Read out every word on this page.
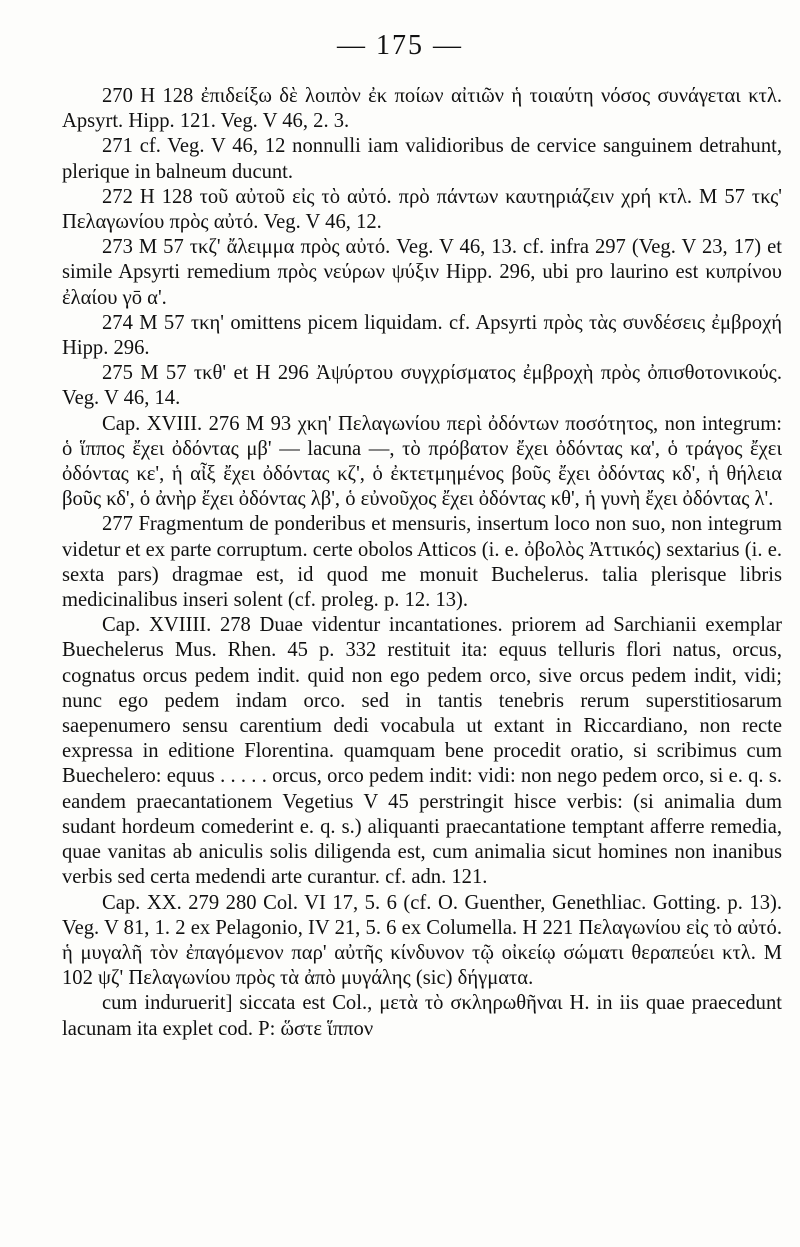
— 175 —

270 H 128 ἐπιδείξω δὲ λοιπὸν ἐκ ποίων αἰτιῶν ἡ τοιαύτη νόσος συνάγεται κτλ. Apsyrt. Hipp. 121. Veg. V 46, 2. 3.

271 cf. Veg. V 46, 12 nonnulli iam validioribus de cervice sanguinem detrahunt, plerique in balneum ducunt.

272 H 128 τοῦ αὐτοῦ εἰς τὸ αὐτό. πρὸ πάντων καυτηριάζειν χρή κτλ. M 57 τκς' Πελαγωνίου πρὸς αὐτό. Veg. V 46, 12.

273 M 57 τκζ' ἄλειμμα πρὸς αὐτό. Veg. V 46, 13. cf. infra 297 (Veg. V 23, 17) et simile Apsyrti remedium πρὸς νεύρων ψύξιν Hipp. 296, ubi pro laurino est κυπρίνου ἐλαίου γō α'.

274 M 57 τκη' omittens picem liquidam. cf. Apsyrti πρὸς τὰς συνδέσεις ἐμβροχή Hipp. 296.

275 M 57 τκθ' et H 296 Ἀψύρτου συγχρίσματος ἐμβροχὴ πρὸς ὀπισθοτονικούς. Veg. V 46, 14.

Cap. XVIII. 276 M 93 χκη' Πελαγωνίου περὶ ὀδόντων ποσότητος, non integrum: ὁ ἵππος ἔχει ὀδόντας μβ' — lacuna —, τὸ πρόβατον ἔχει ὀδόντας κα', ὁ τράγος ἔχει ὀδόντας κε', ἡ αἶξ ἔχει ὀδόντας κζ', ὁ ἐκτετμημένος βοῦς ἔχει ὀδόντας κδ', ἡ θήλεια βοῦς κδ', ὁ ἀνὴρ ἔχει ὀδόντας λβ', ὁ εὐνοῦχος ἔχει ὀδόντας κθ', ἡ γυνὴ ἔχει ὀδόντας λ'.

277 Fragmentum de ponderibus et mensuris, insertum loco non suo, non integrum videtur et ex parte corruptum. certe obolos Atticos (i. e. ὀβολὸς Ἀττικός) sextarius (i. e. sexta pars) dragmae est, id quod me monuit Buchelerus. talia plerisque libris medicinalibus inseri solent (cf. proleg. p. 12. 13).

Cap. XVIIII. 278 Duae videntur incantationes. priorem ad Sarchianii exemplar Buechelerus Mus. Rhen. 45 p. 332 restituit ita: equus telluris flori natus, orcus, cognatus orcus pedem indit. quid non ego pedem orco, sive orcus pedem indit, vidi; nunc ego pedem indam orco. sed in tantis tenebris rerum superstitiosarum saepenumero sensu carentium dedi vocabula ut extant in Riccardiano, non recte expressa in editione Florentina. quamquam bene procedit oratio, si scribimus cum Buechelero: equus . . . . . orcus, orco pedem indit: vidi: non nego pedem orco, si e. q. s. eandem praecantationem Vegetius V 45 perstringit hisce verbis: (si animalia dum sudant hordeum comederint e. q. s.) aliquanti praecantatione temptant afferre remedia, quae vanitas ab aniculis solis diligenda est, cum animalia sicut homines non inanibus verbis sed certa medendi arte curantur. cf. adn. 121.

Cap. XX. 279 280 Col. VI 17, 5. 6 (cf. O. Guenther, Genethliac. Gotting. p. 13). Veg. V 81, 1. 2 ex Pelagonio, IV 21, 5. 6 ex Columella. H 221 Πελαγωνίου εἰς τὸ αὐτό. ἡ μυγαλῆ τὸν ἐπαγόμενον παρ' αὐτῆς κίνδυνον τῷ οἰκείῳ σώματι θεραπεύει κτλ. M 102 ψζ' Πελαγωνίου πρὸς τὰ ἀπὸ μυγάλης (sic) δήγματα.

cum induruerit] siccata est Col., μετὰ τὸ σκληρωθῆναι H. in iis quae praecedunt lacunam ita explet cod. P: ὥστε ἵππον
